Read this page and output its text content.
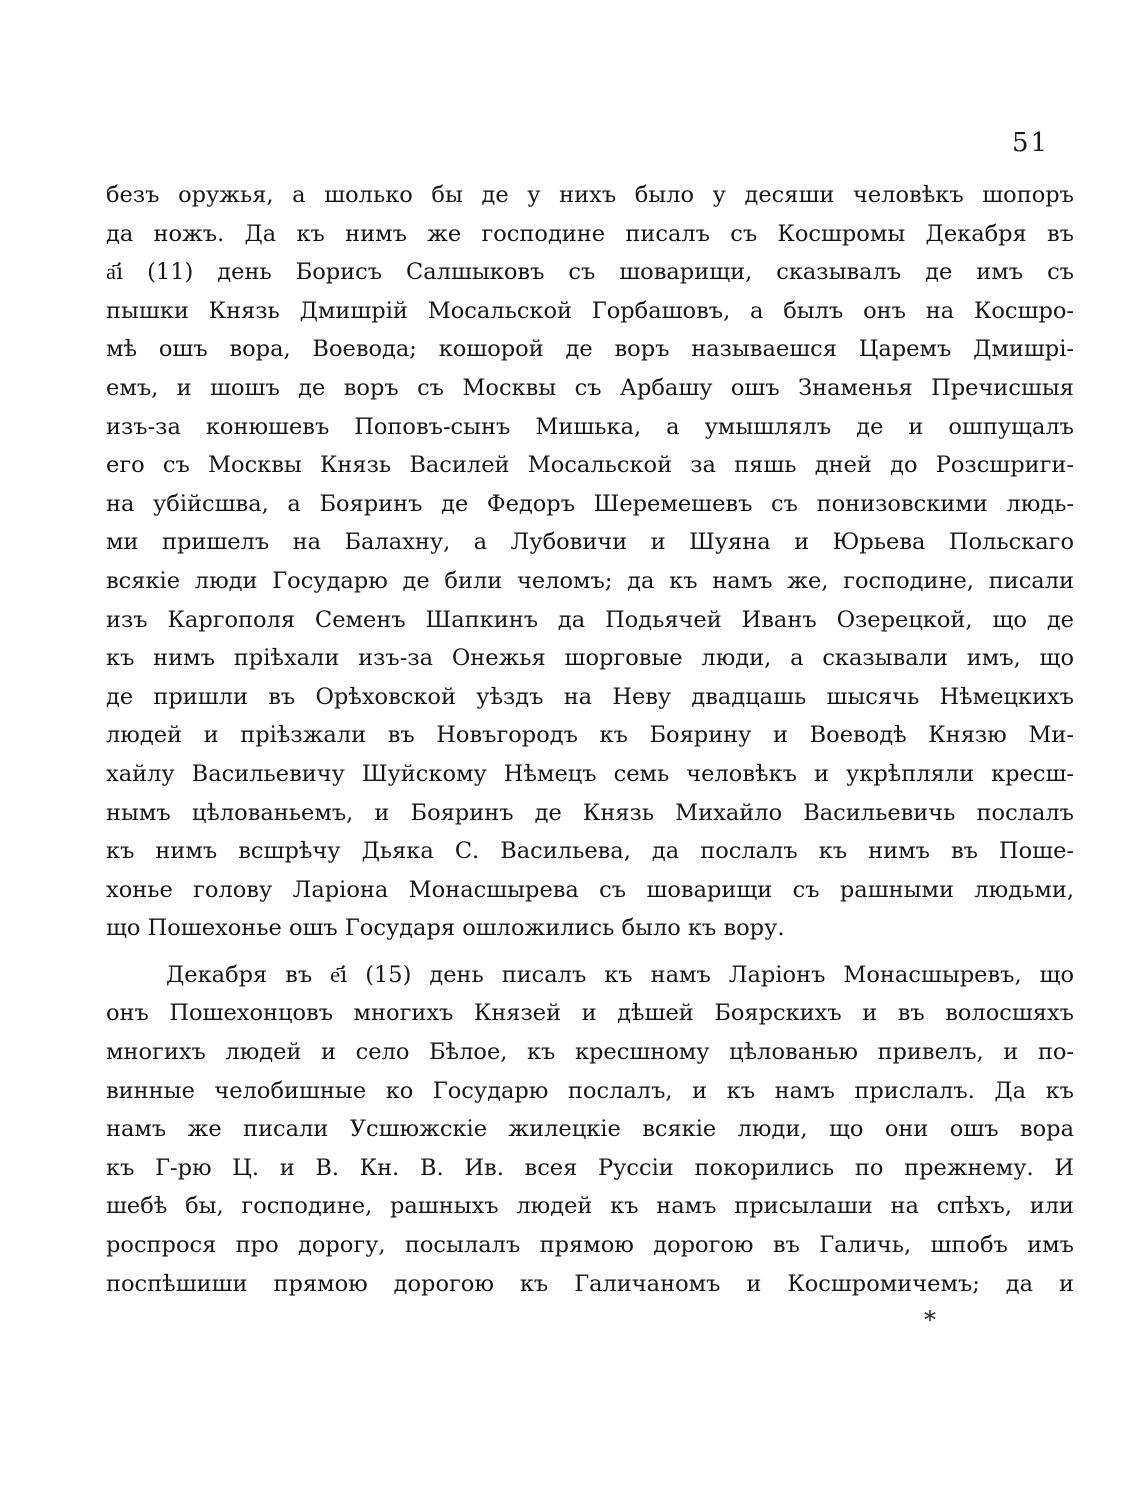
51
безъ оружья, а шолько бы де у нихъ было у десяши человѣкъ шопоръ
да ножъ. Да къ нимъ же господине писалъ съ Косшромы Декабря въ
а҃і (11) день Борисъ Салшыковъ съ шоварищи, сказывалъ де имъ съ
пышки Князь Дмишрій Мосальской Горбашовъ, а былъ онъ на Косшро-
мѣ ошъ вора, Воевода; кошорой де воръ называешся Царемъ Дмишрі-
емъ, и шошъ де воръ съ Москвы съ Арбашу ошъ Знаменья Пречисшыя
изъ-за конюшевъ Поповъ-сынъ Мишька, а умышлялъ де и ошпущалъ
его съ Москвы Князь Василей Мосальской за пяшь дней до Розсшриги-
на убійсшва, а Бояринъ де Федоръ Шеремешевъ съ понизовскими людь-
ми пришелъ на Балахну, а Лубовичи и Шуяна и Юрьева Польскаго
всякіе люди Государю де били челомъ; да къ намъ же, господине, писали
изъ Каргополя Семенъ Шапкинъ да Подьячей Иванъ Озерецкой, що де
къ нимъ пріѣхали изъ-за Онежья шорговые люди, а сказывали имъ, що
де пришли въ Орѣховской уѣздъ на Неву двадцашь шысячь Нѣмецкихъ
людей и пріѣзжали въ Новъгородъ къ Боярину и Воеводѣ Князю Ми-
хайлу Васильевичу Шуйскому Нѣмецъ семь человѣкъ и укрѣпляли кресш-
нымъ цѣлованьемъ, и Бояринъ де Князь Михайло Васильевичь послалъ
къ нимъ всшрѣчу Дьяка С. Васильева, да послалъ къ нимъ въ Поше-
хонье голову Ларіона Монасшырева съ шоварищи съ рашными людьми,
що Пошехонье ошъ Государя ошложились было къ вору.
Декабря въ е҃і (15) день писалъ къ намъ Ларіонъ Монасшыревъ, що
онъ Пошехонцовъ многихъ Князей и дѣшей Боярскихъ и въ волосшяхъ
многихъ людей и село Бѣлое, къ кресшному цѣлованью привелъ, и по-
винные челобишные ко Государю послалъ, и къ намъ прислалъ. Да къ
намъ же писали Усшюжскіе жилецкіе всякіе люди, що они ошъ вора
къ Г-рю Ц. и В. Кн. В. Ив. всея Руссіи покорились по прежнему. И
шебѣ бы, господине, рашныхъ людей къ намъ присылаши на спѣхъ, или
роспрося про дорогу, посылалъ прямою дорогою въ Галичь, шпобъ имъ
поспѣшиши прямою дорогою къ Галичаномъ и Косшромичемъ; да и
*
